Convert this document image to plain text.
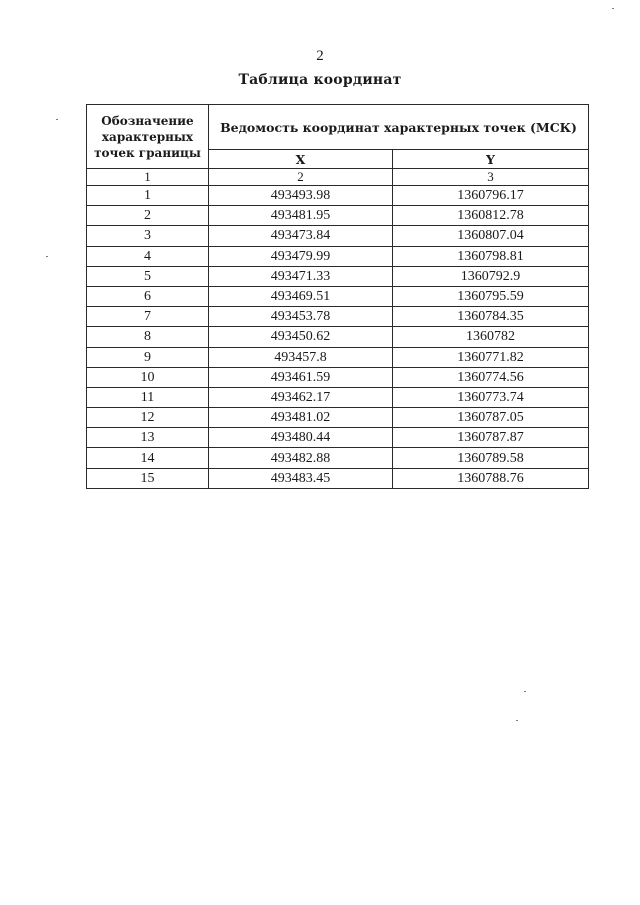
2
Таблица координат
Обозначение характерных точек границы	Ведомость координат характерных точек (МСК)	
	X	Y
1	2	3
1	493493.98	1360796.17
2	493481.95	1360812.78
3	493473.84	1360807.04
4	493479.99	1360798.81
5	493471.33	1360792.9
6	493469.51	1360795.59
7	493453.78	1360784.35
8	493450.62	1360782
9	493457.8	1360771.82
10	493461.59	1360774.56
11	493462.17	1360773.74
12	493481.02	1360787.05
13	493480.44	1360787.87
14	493482.88	1360789.58
15	493483.45	1360788.76
